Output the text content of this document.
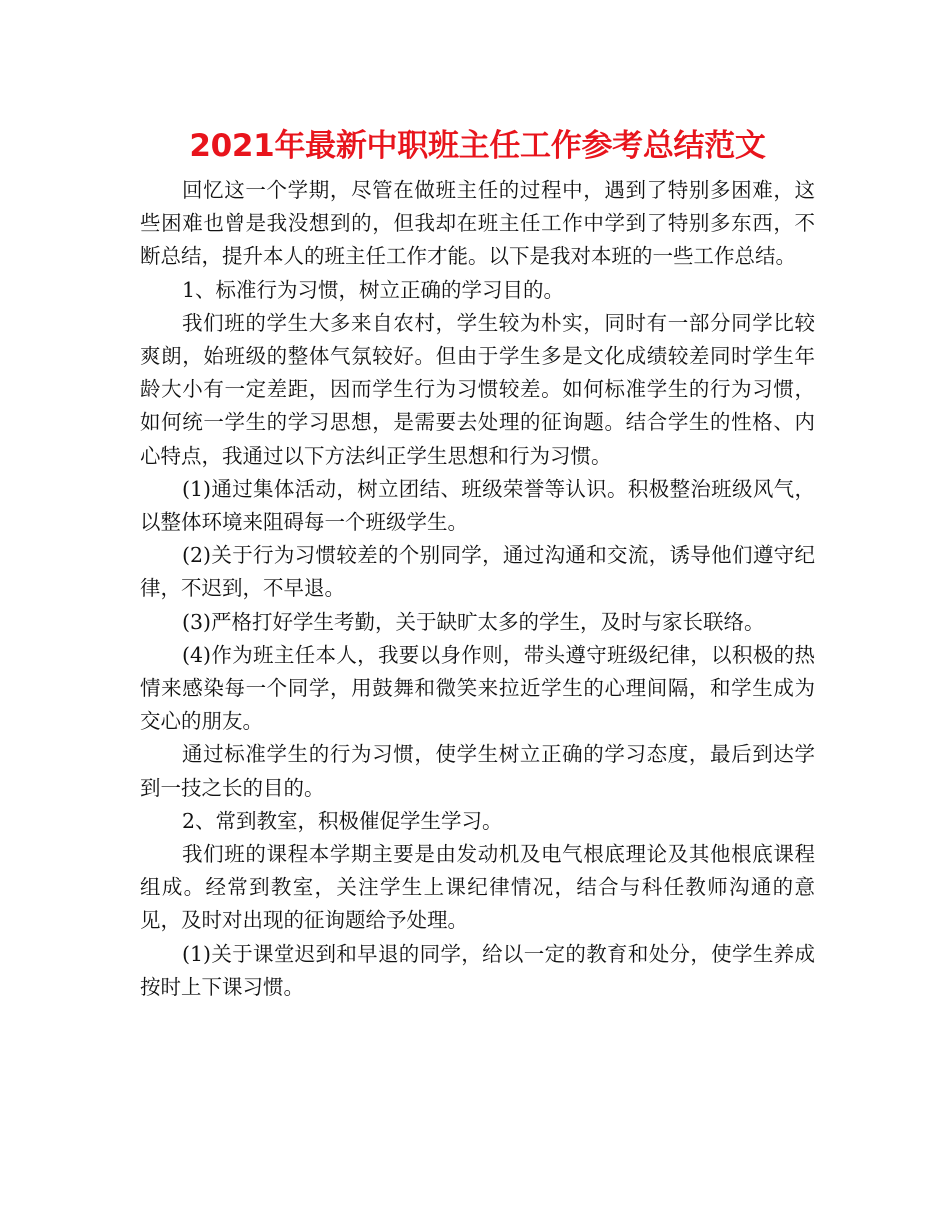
2021年最新中职班主任工作参考总结范文

回忆这一个学期，尽管在做班主任的过程中，遇到了特别多困难，这些困难也曾是我没想到的，但我却在班主任工作中学到了特别多东西，不断总结，提升本人的班主任工作才能。以下是我对本班的一些工作总结。

1、标准行为习惯，树立正确的学习目的。

我们班的学生大多来自农村，学生较为朴实，同时有一部分同学比较爽朗，始班级的整体气氛较好。但由于学生多是文化成绩较差同时学生年龄大小有一定差距，因而学生行为习惯较差。如何标准学生的行为习惯，如何统一学生的学习思想，是需要去处理的征询题。结合学生的性格、内心特点，我通过以下方法纠正学生思想和行为习惯。

(1)通过集体活动，树立团结、班级荣誉等认识。积极整治班级风气，以整体环境来阻碍每一个班级学生。

(2)关于行为习惯较差的个别同学，通过沟通和交流，诱导他们遵守纪律，不迟到，不早退。

(3)严格打好学生考勤，关于缺旷太多的学生，及时与家长联络。

(4)作为班主任本人，我要以身作则，带头遵守班级纪律，以积极的热情来感染每一个同学，用鼓舞和微笑来拉近学生的心理间隔，和学生成为交心的朋友。

通过标准学生的行为习惯，使学生树立正确的学习态度，最后到达学到一技之长的目的。

2、常到教室，积极催促学生学习。

我们班的课程本学期主要是由发动机及电气根底理论及其他根底课程组成。经常到教室，关注学生上课纪律情况，结合与科任教师沟通的意见，及时对出现的征询题给予处理。

(1)关于课堂迟到和早退的同学，给以一定的教育和处分，使学生养成按时上下课习惯。
